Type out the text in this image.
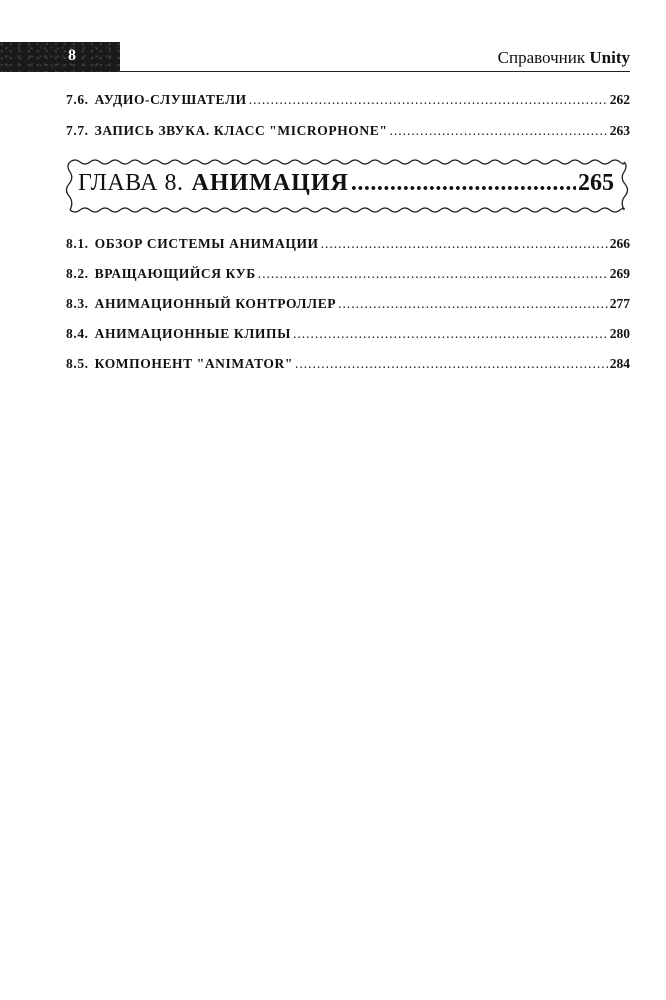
8	Справочник Unity
7.6. АУДИО-СЛУШАТЕЛИ .....	262
7.7. ЗАПИСЬ ЗВУКА. КЛАСС "MICROPHONE" .....	263
ГЛАВА 8. АНИМАЦИЯ .....	265
8.1. ОБЗОР СИСТЕМЫ АНИМАЦИИ .....	266
8.2. ВРАЩАЮЩИЙСЯ КУБ .....	269
8.3. АНИМАЦИОННЫЙ КОНТРОЛЛЕР .....	277
8.4. АНИМАЦИОННЫЕ КЛИПЫ .....	280
8.5. КОМПОНЕНТ "ANIMATOR" .....	284
